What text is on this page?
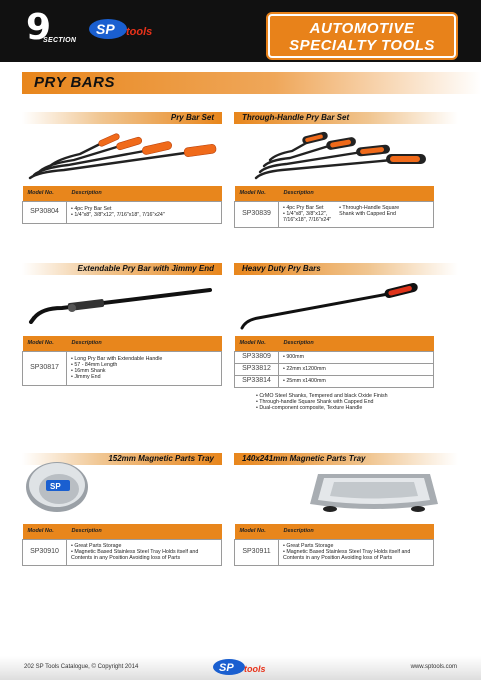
9
SECTION
SP tools	AUTOMOTIVE
SPECIALTY TOOLS
PRY BARS
Pry Bar Set
Model No.	Description
SP30804	• 4pc Pry Bar Set
• 1/4"x8", 3/8"x12", 7/16"x18", 7/16"x24"
Through-Handle Pry Bar Set
Model No.	Description
SP30839	• 4pc Pry Bar Set
• 1/4"x8", 3/8"x12",
7/16"x18", 7/16"x24"
• Through-Handle Square
Shank with Capped End
Extendable Pry Bar with Jimmy End
Model No.	Description
SP30817	• Long Pry Bar with Extendable Handle
• 57 - 84mm Length
• 16mm Shank
• Jimmy End
Heavy Duty Pry Bars
Model No.	Description
SP33809	• 900mm
SP33812	• 22mm x1200mm
SP33814	• 25mm x1400mm
• CrMO Steel Shanks, Tempered and black Oxide Finish
• Through-handle Square Shank with Capped End
• Dual-component composite, Texture Handle
152mm Magnetic Parts Tray
SP
Model No.	Description
SP30910	• Great Parts Storage
• Magnetic Based Stainless Steel Tray Holds itself and
Contents in any Position Avoiding loss of Parts
140x241mm Magnetic Parts Tray
Model No.	Description
SP30911	• Great Parts Storage
• Magnetic Based Stainless Steel Tray Holds itself and
Contents in any Position Avoiding loss of Parts
202 SP Tools Catalogue, © Copyright 2014	SP tools	www.sptools.com
